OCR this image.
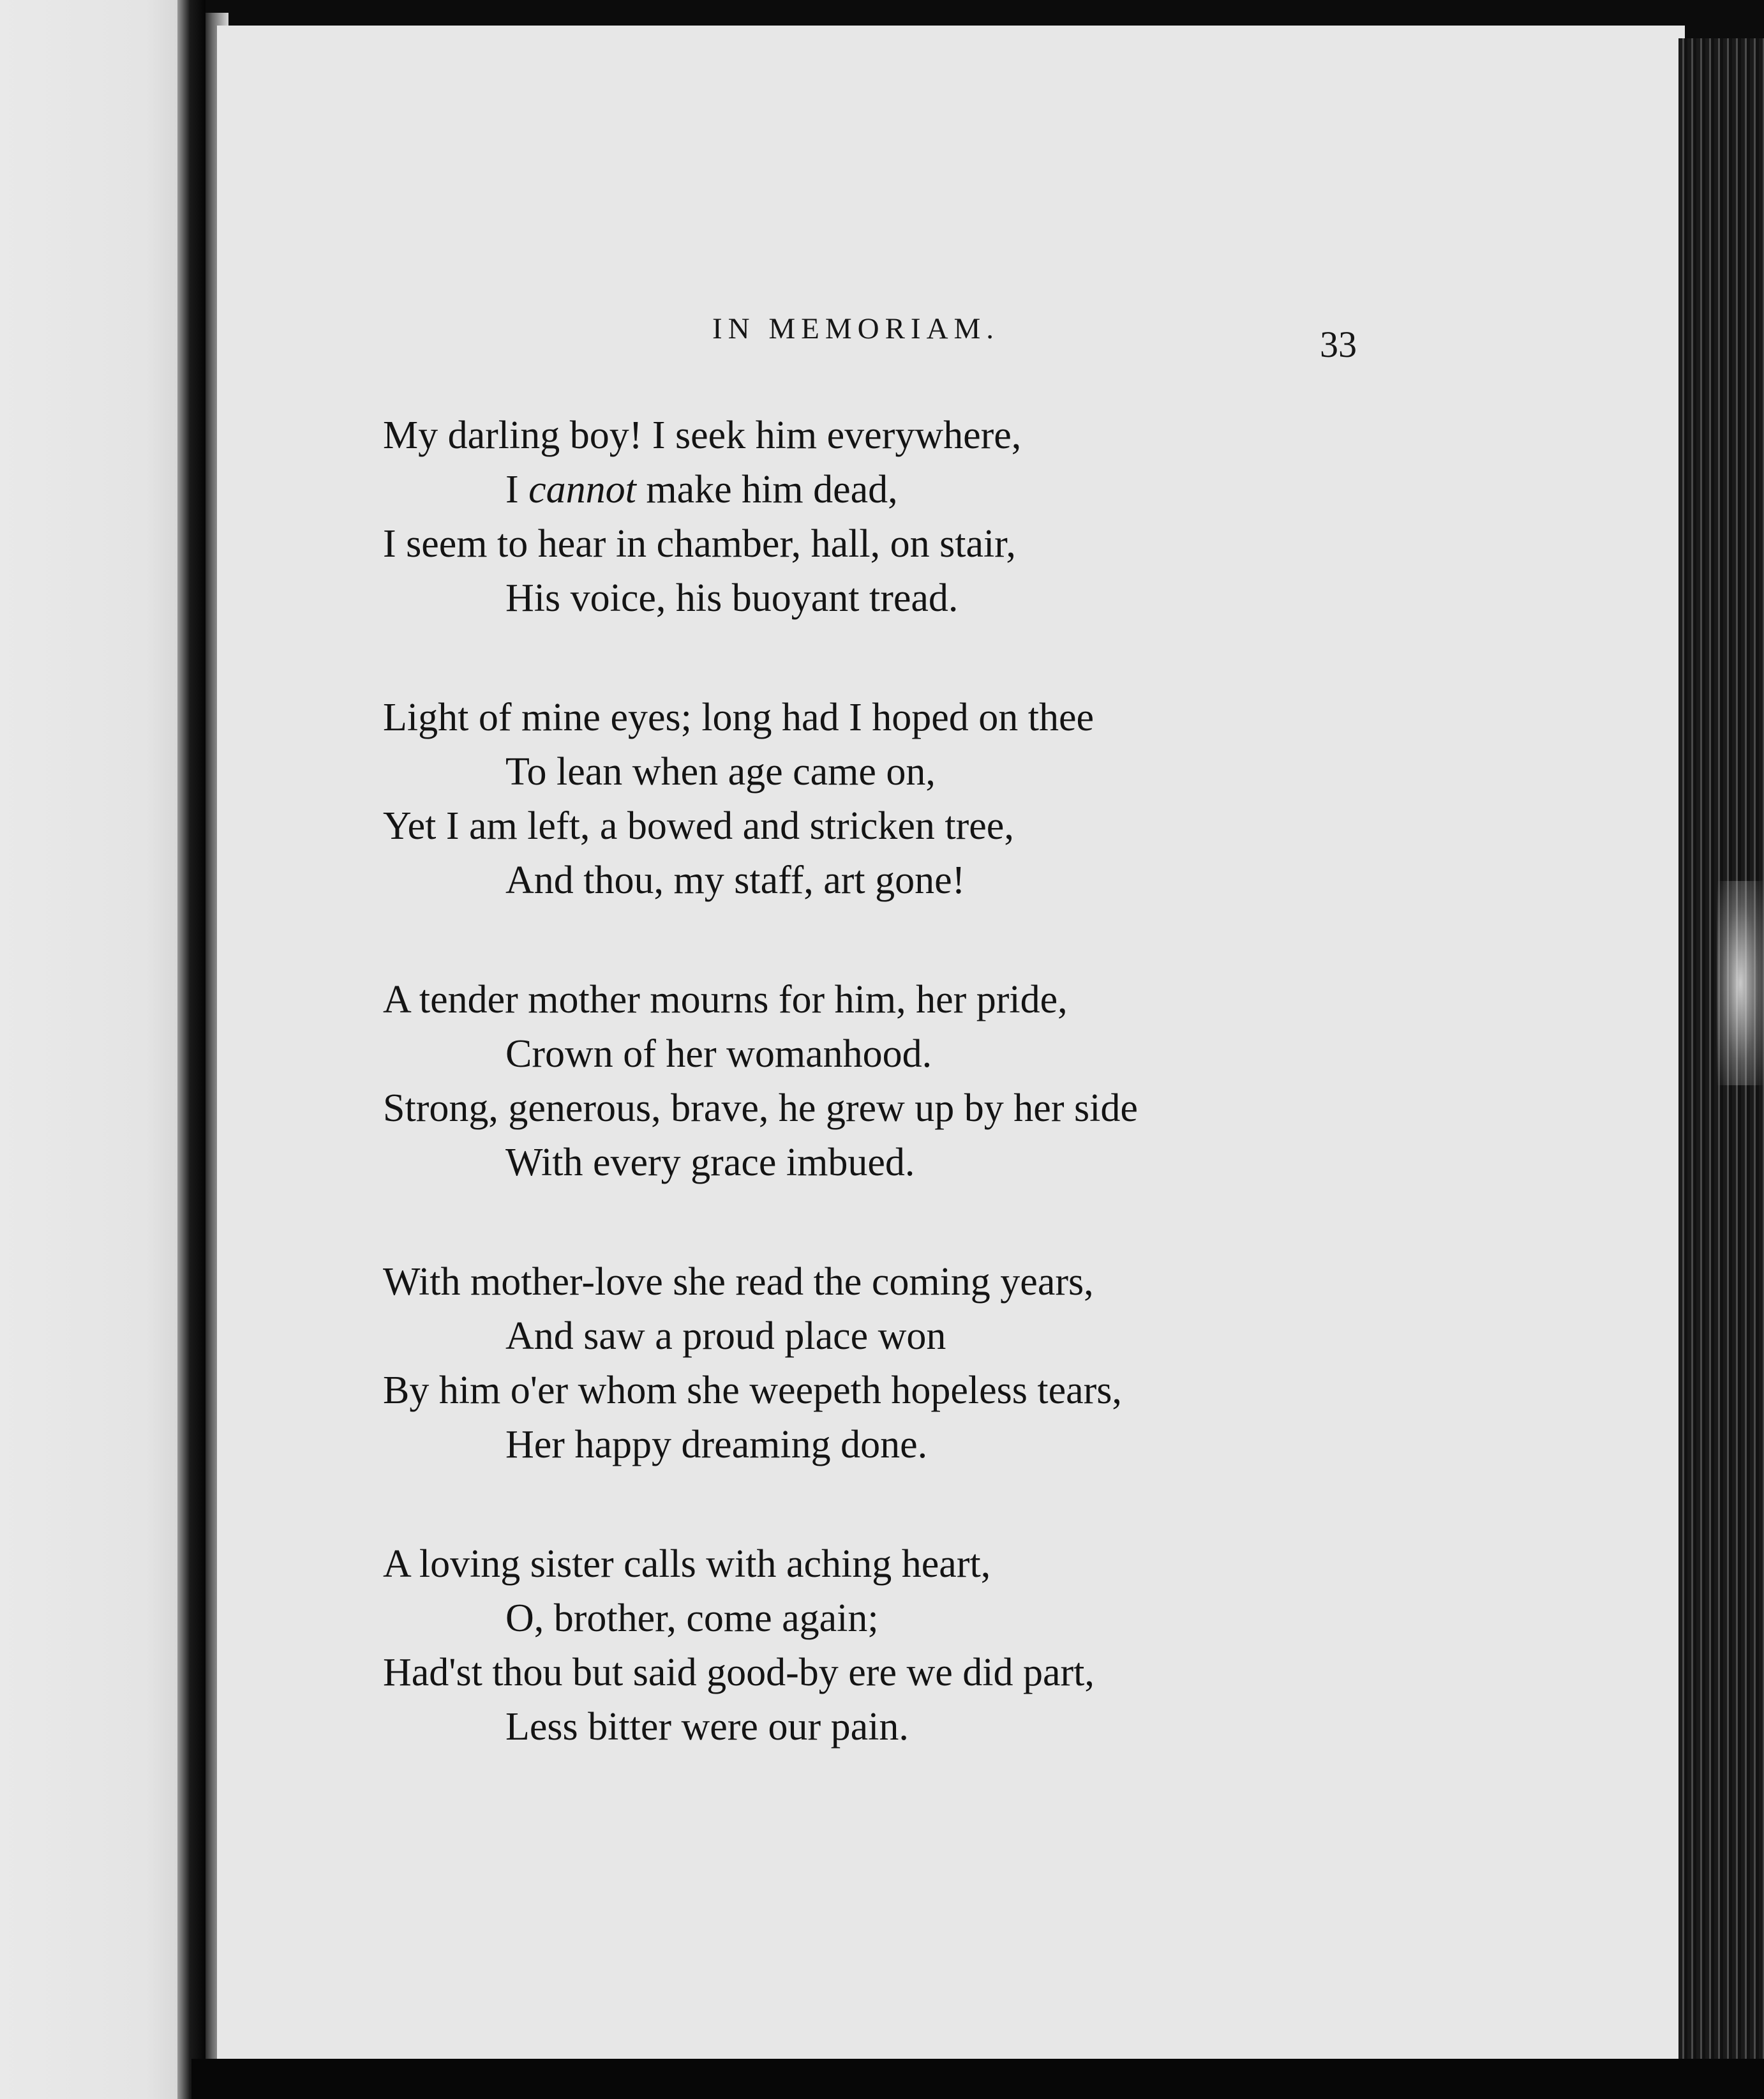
IN MEMORIAM.	33
My darling boy! I seek him everywhere,
I cannot make him dead,
I seem to hear in chamber, hall, on stair,
His voice, his buoyant tread.
Light of mine eyes; long had I hoped on thee
To lean when age came on,
Yet I am left, a bowed and stricken tree,
And thou, my staff, art gone!
A tender mother mourns for him, her pride,
Crown of her womanhood.
Strong, generous, brave, he grew up by her side
With every grace imbued.
With mother-love she read the coming years,
And saw a proud place won
By him o'er whom she weepeth hopeless tears,
Her happy dreaming done.
A loving sister calls with aching heart,
O, brother, come again;
Had'st thou but said good-by ere we did part,
Less bitter were our pain.
